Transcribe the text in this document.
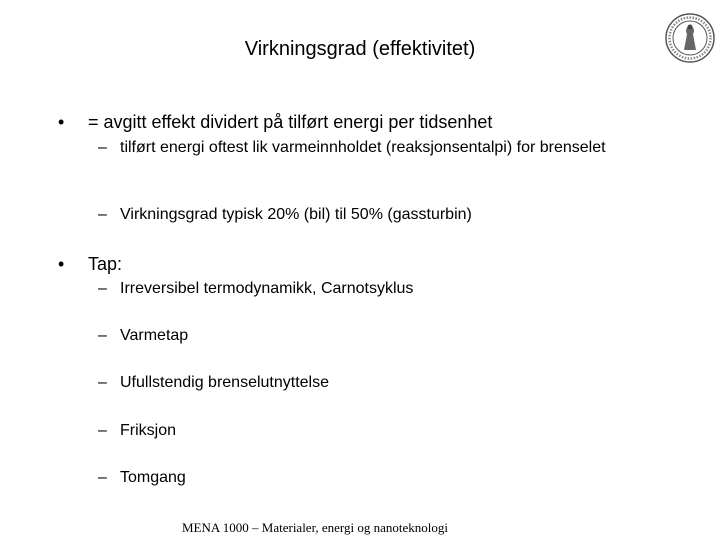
Virkningsgrad (effektivitet)
• = avgitt effekt dividert på tilført energi per tidsenhet
– tilført energi oftest lik varmeinnholdet (reaksjonsentalpi) for brenselet
– Virkningsgrad typisk 20% (bil) til 50% (gassturbin)
• Tap:
– Irreversibel termodynamikk, Carnotsyklus
– Varmetap
– Ufullstendig brenselutnyttelse
– Friksjon
– Tomgang
MENA 1000 – Materialer, energi og nanoteknologi
